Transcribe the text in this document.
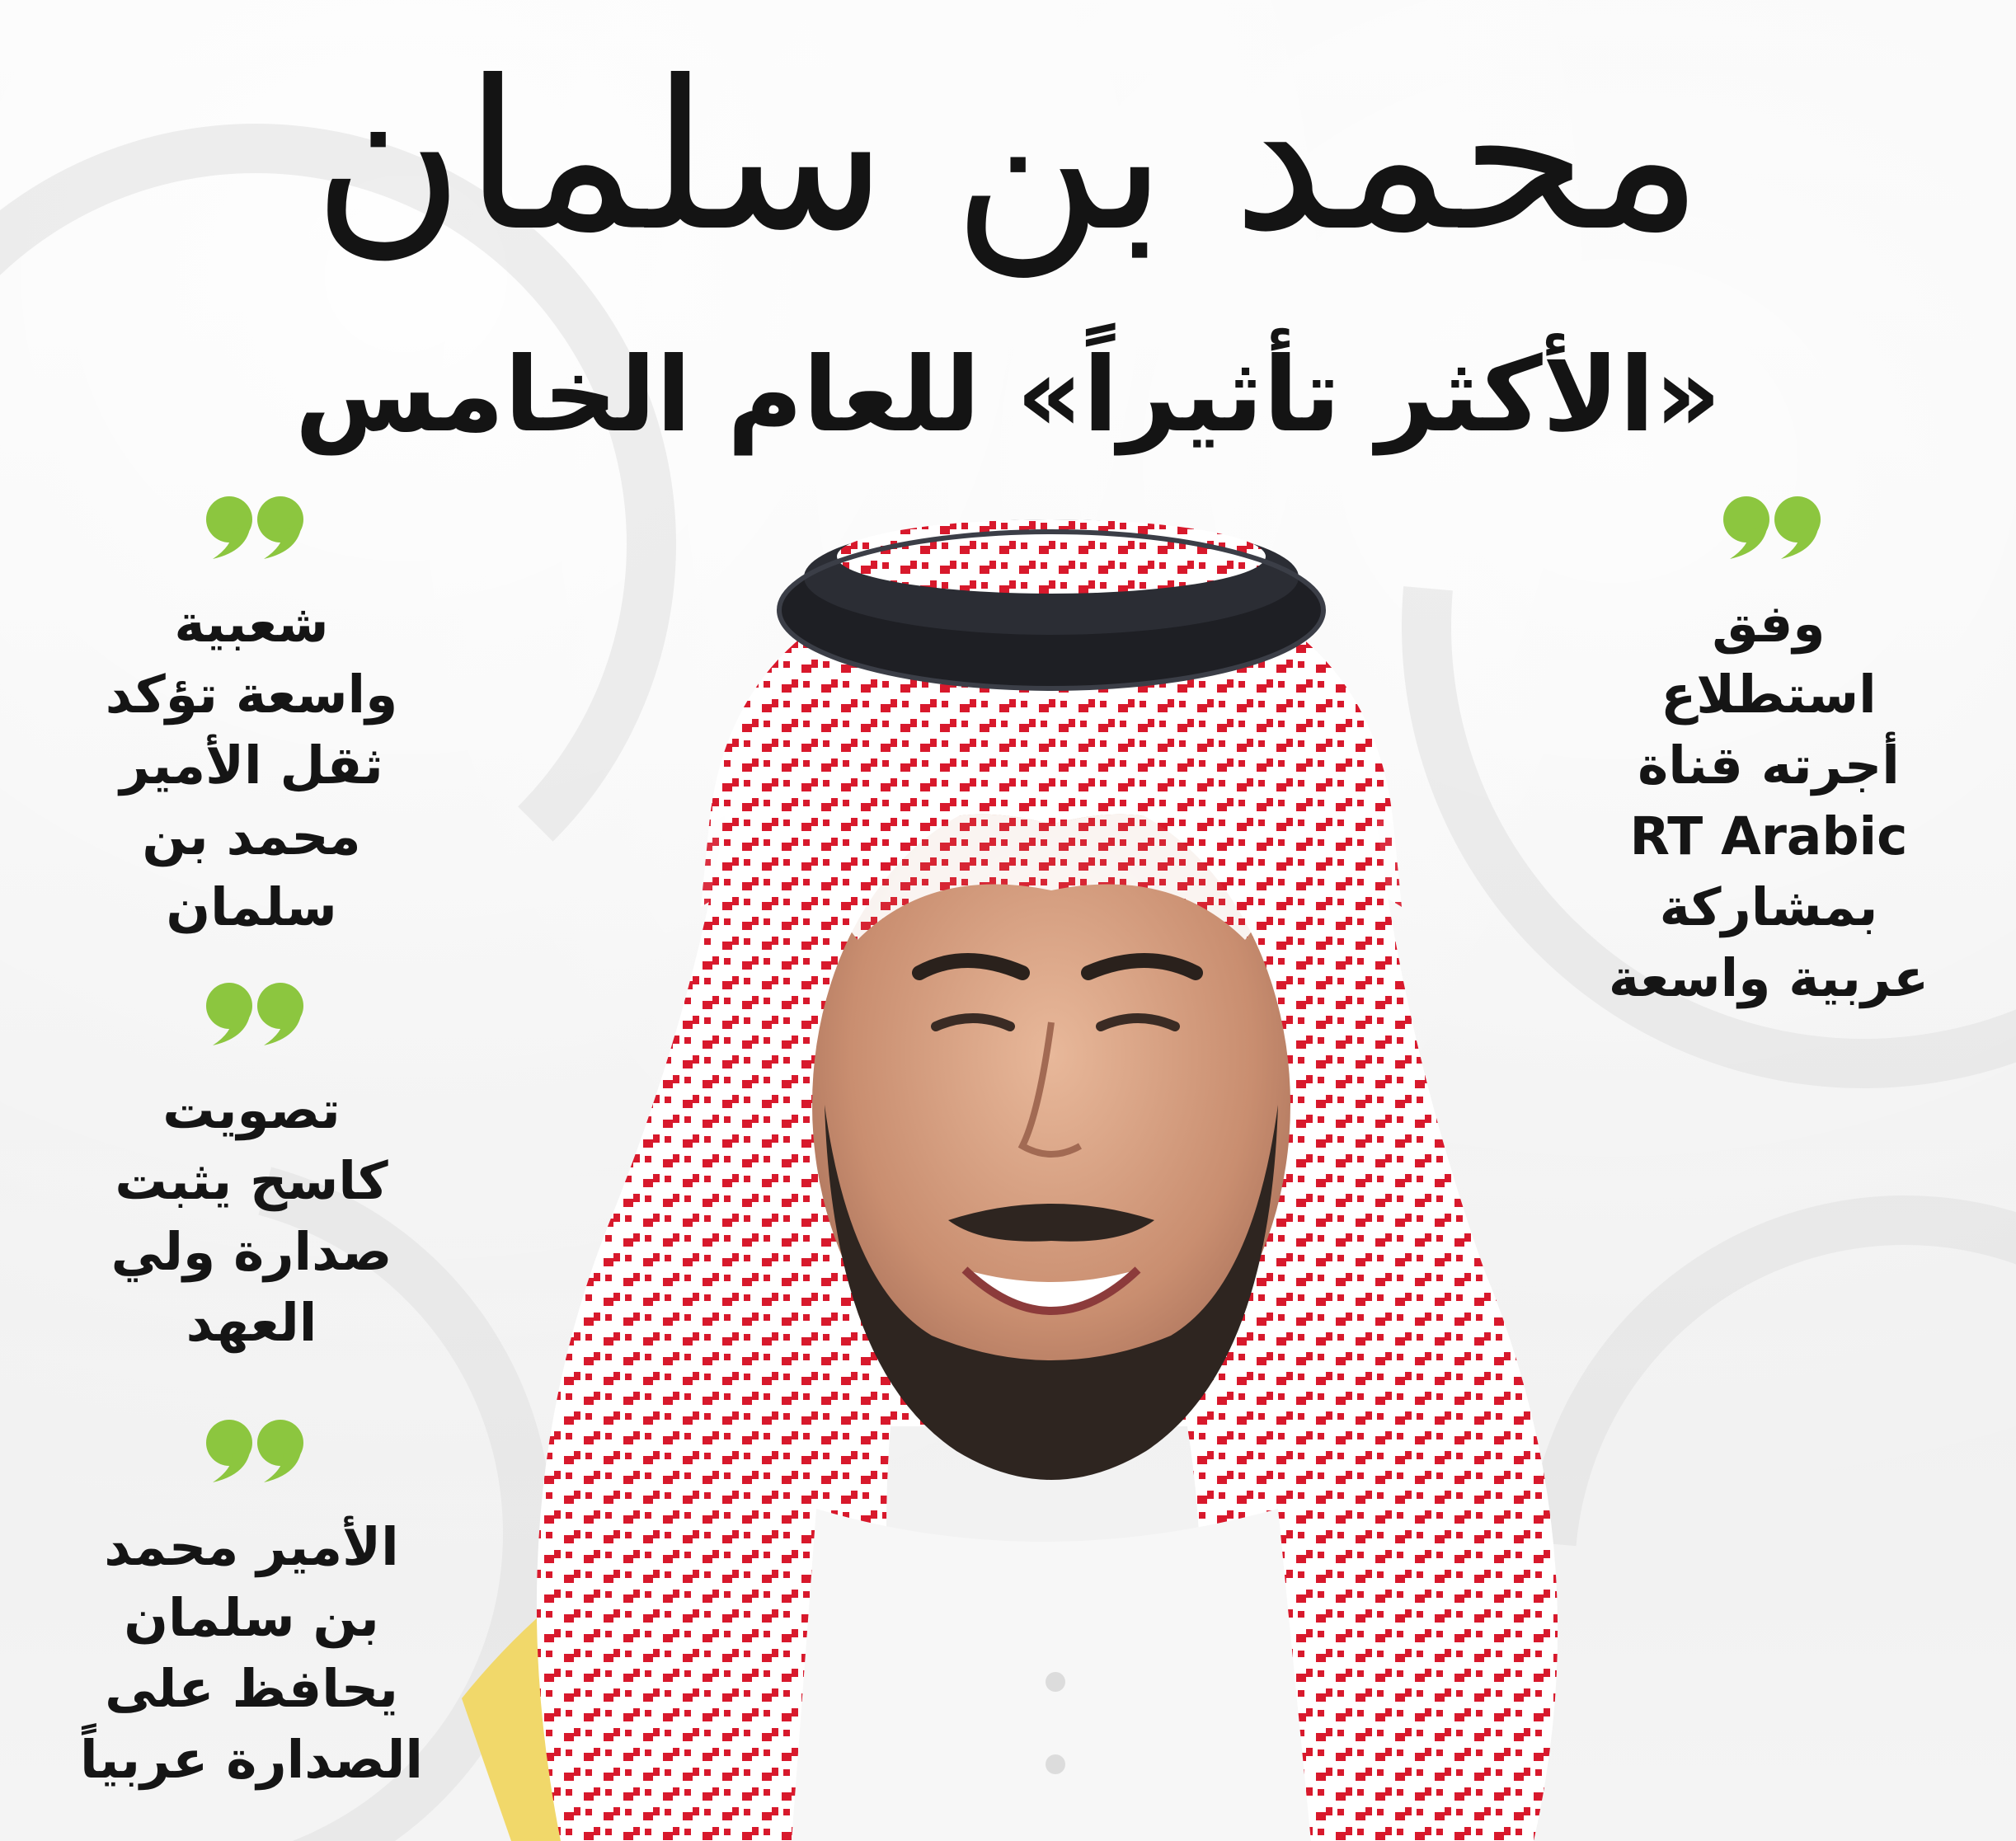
محمد بن سلمان
«الأكثر تأثيراً» للعام الخامس
وفق
استطلاع
أجرته قناة
RT Arabic
بمشاركة
عربية واسعة
شعبية
واسعة تؤكد
ثقل الأمير
محمد بن
سلمان
تصويت
كاسح يثبت
صدارة ولي
العهد
الأمير محمد
بن سلمان
يحافظ على
الصدارة عربياً
